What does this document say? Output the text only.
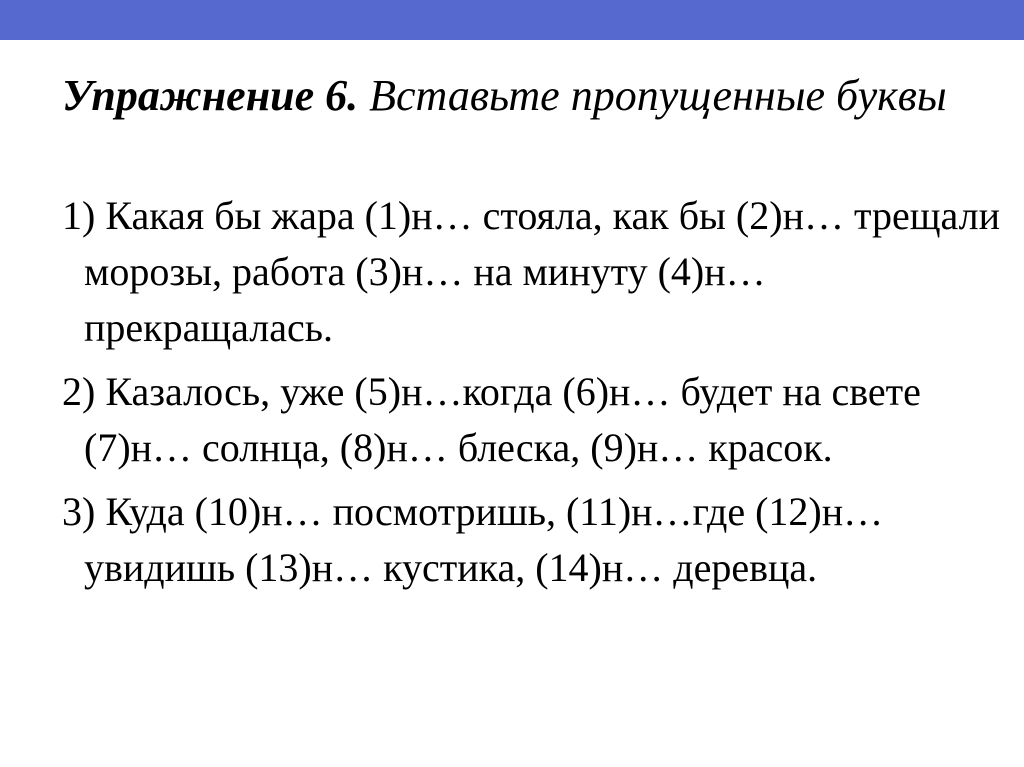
Упражнение 6. Вставьте пропущенные буквы
1) Какая бы жара (1)н… стояла, как бы (2)н… трещали морозы, работа (3)н… на минуту (4)н… прекращалась.
2) Казалось, уже (5)н…когда (6)н… будет на свете (7)н… солнца, (8)н… блеска, (9)н… красок.
3) Куда (10)н… посмотришь, (11)н…где (12)н… увидишь (13)н… кустика, (14)н… деревца.
